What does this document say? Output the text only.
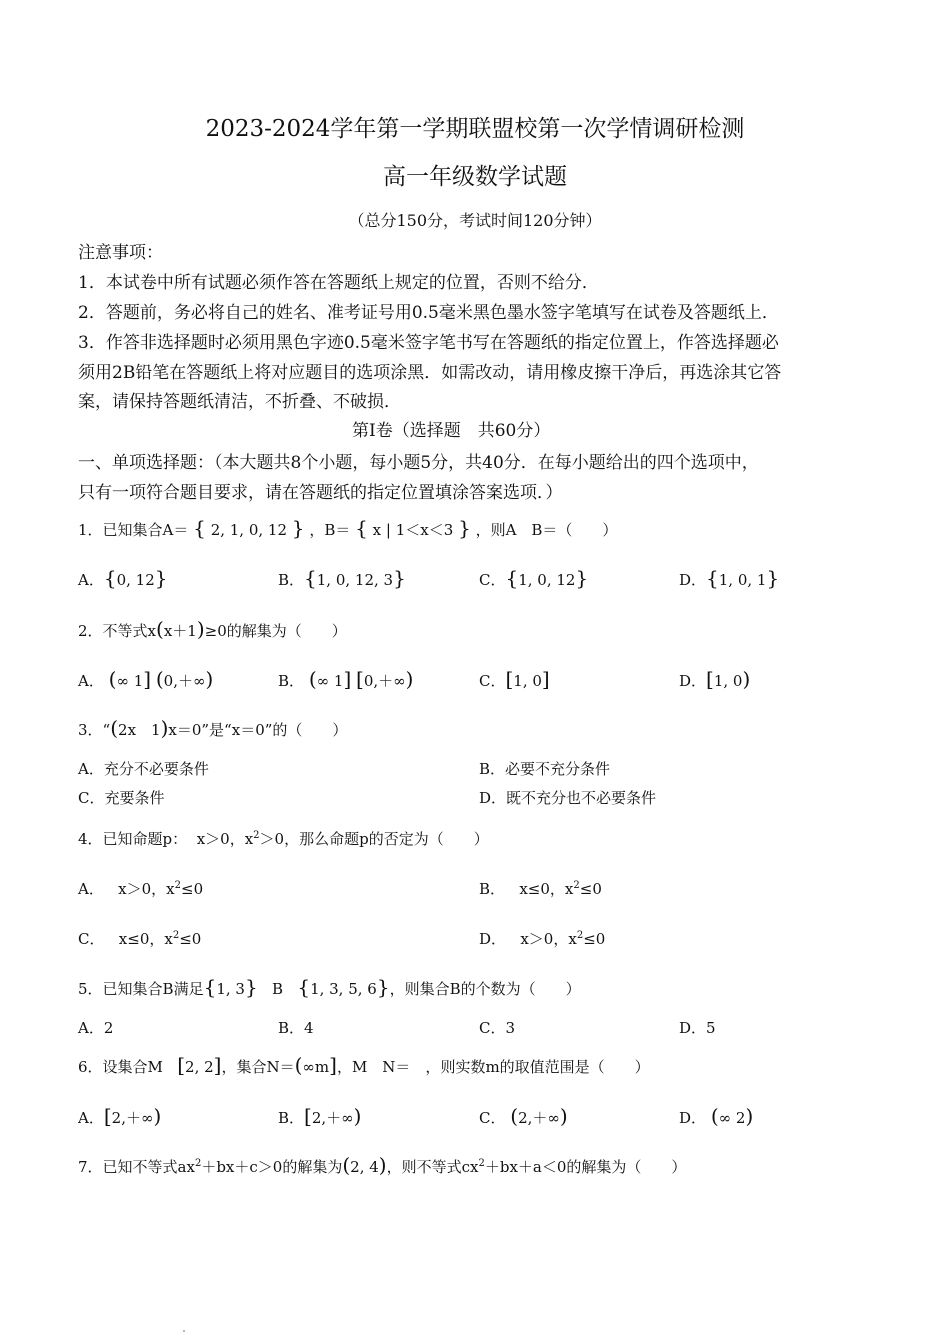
2023-2024学年第一学期联盟校第一次学情调研检测
高一年级数学试题
（总分150分，考试时间120分钟）
注意事项：
1．本试卷中所有试题必须作答在答题纸上规定的位置，否则不给分．
2．答题前，务必将自己的姓名、准考证号用0.5毫米黑色墨水签字笔填写在试卷及答题纸上．
3．作答非选择题时必须用黑色字迹0.5毫米签字笔书写在答题纸的指定位置上，作答选择题必
须用2B铅笔在答题纸上将对应题目的选项涂黑．如需改动，请用橡皮擦干净后，再选涂其它答
案，请保持答题纸清洁，不折叠、不破损．
第Ⅰ卷（选择题　共60分）
一、单项选择题：（本大题共8个小题，每小题5分，共40分．在每小题给出的四个选项中，
只有一项符合题目要求，请在答题纸的指定位置填涂答案选项．）
1．已知集合A＝ { 2, 1, 0, 12 } ，B＝ { x | 1＜x＜3 } ，则A　B＝（　　）
A．{0, 12}	B．{1, 0, 12, 3}	C．{1, 0, 12}	D．{1, 0, 1}
2．不等式x(x＋1)≥0的解集为（　　）
A． (∞ 1] (0,＋∞)	B． (∞ 1] [0,＋∞)	C．[1, 0]	D．[1, 0)
3．“(2x　1)x＝0”是“x＝0”的（　　）
A．充分不必要条件	B．必要不充分条件
C．充要条件	D．既不充分也不必要条件
4．已知命题p： x＞0，$x^2>0$，那么命题p的否定为（　　）
A． x＞0，$x^2\le 0$	B． x≤0，$x^2\le 0$
C． x≤0，$x^2\le 0$	D． x＞0，$x^2\le 0$
5．已知集合B满足{1, 3} B {1, 3, 5, 6}，则集合B的个数为（　　）
A．2	B．4	C．3	D．5
6．设集合M [2, 2]，集合N＝(∞m]，M　N＝　，则实数m的取值范围是（　　）
A．[2,＋∞)	B．[2,＋∞)	C． (2,＋∞)	D． (∞ 2)
7．已知不等式$ax^2+bx+c>0$的解集为(2, 4)，则不等式$cx^2+bx+a<0$的解集为（　　）
